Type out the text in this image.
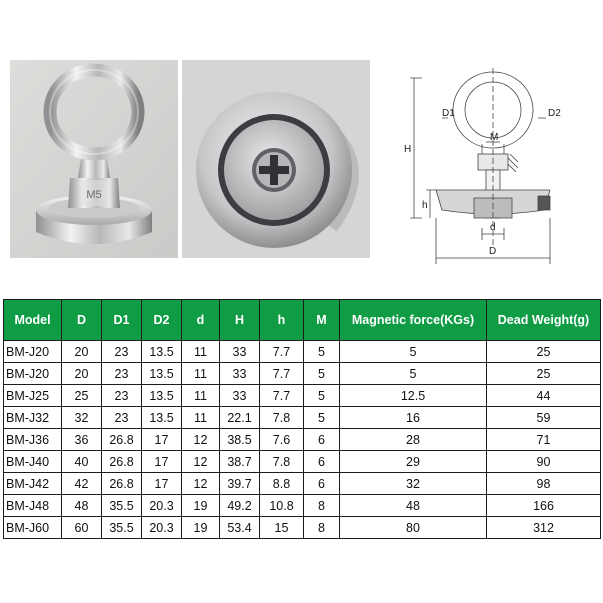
M5
D1	D2
M
H
h
d
D
Model	D	D1	D2	d	H	h	M	Magnetic force(KGs)	Dead Weight(g)
BM-J20	20	23	13.5	11	33	7.7	5	5	25
BM-J20	20	23	13.5	11	33	7.7	5	5	25
BM-J25	25	23	13.5	11	33	7.7	5	12.5	44
BM-J32	32	23	13.5	11	22.1	7.8	5	16	59
BM-J36	36	26.8	17	12	38.5	7.6	6	28	71
BM-J40	40	26.8	17	12	38.7	7.8	6	29	90
BM-J42	42	26.8	17	12	39.7	8.8	6	32	98
BM-J48	48	35.5	20.3	19	49.2	10.8	8	48	166
BM-J60	60	35.5	20.3	19	53.4	15	8	80	312
